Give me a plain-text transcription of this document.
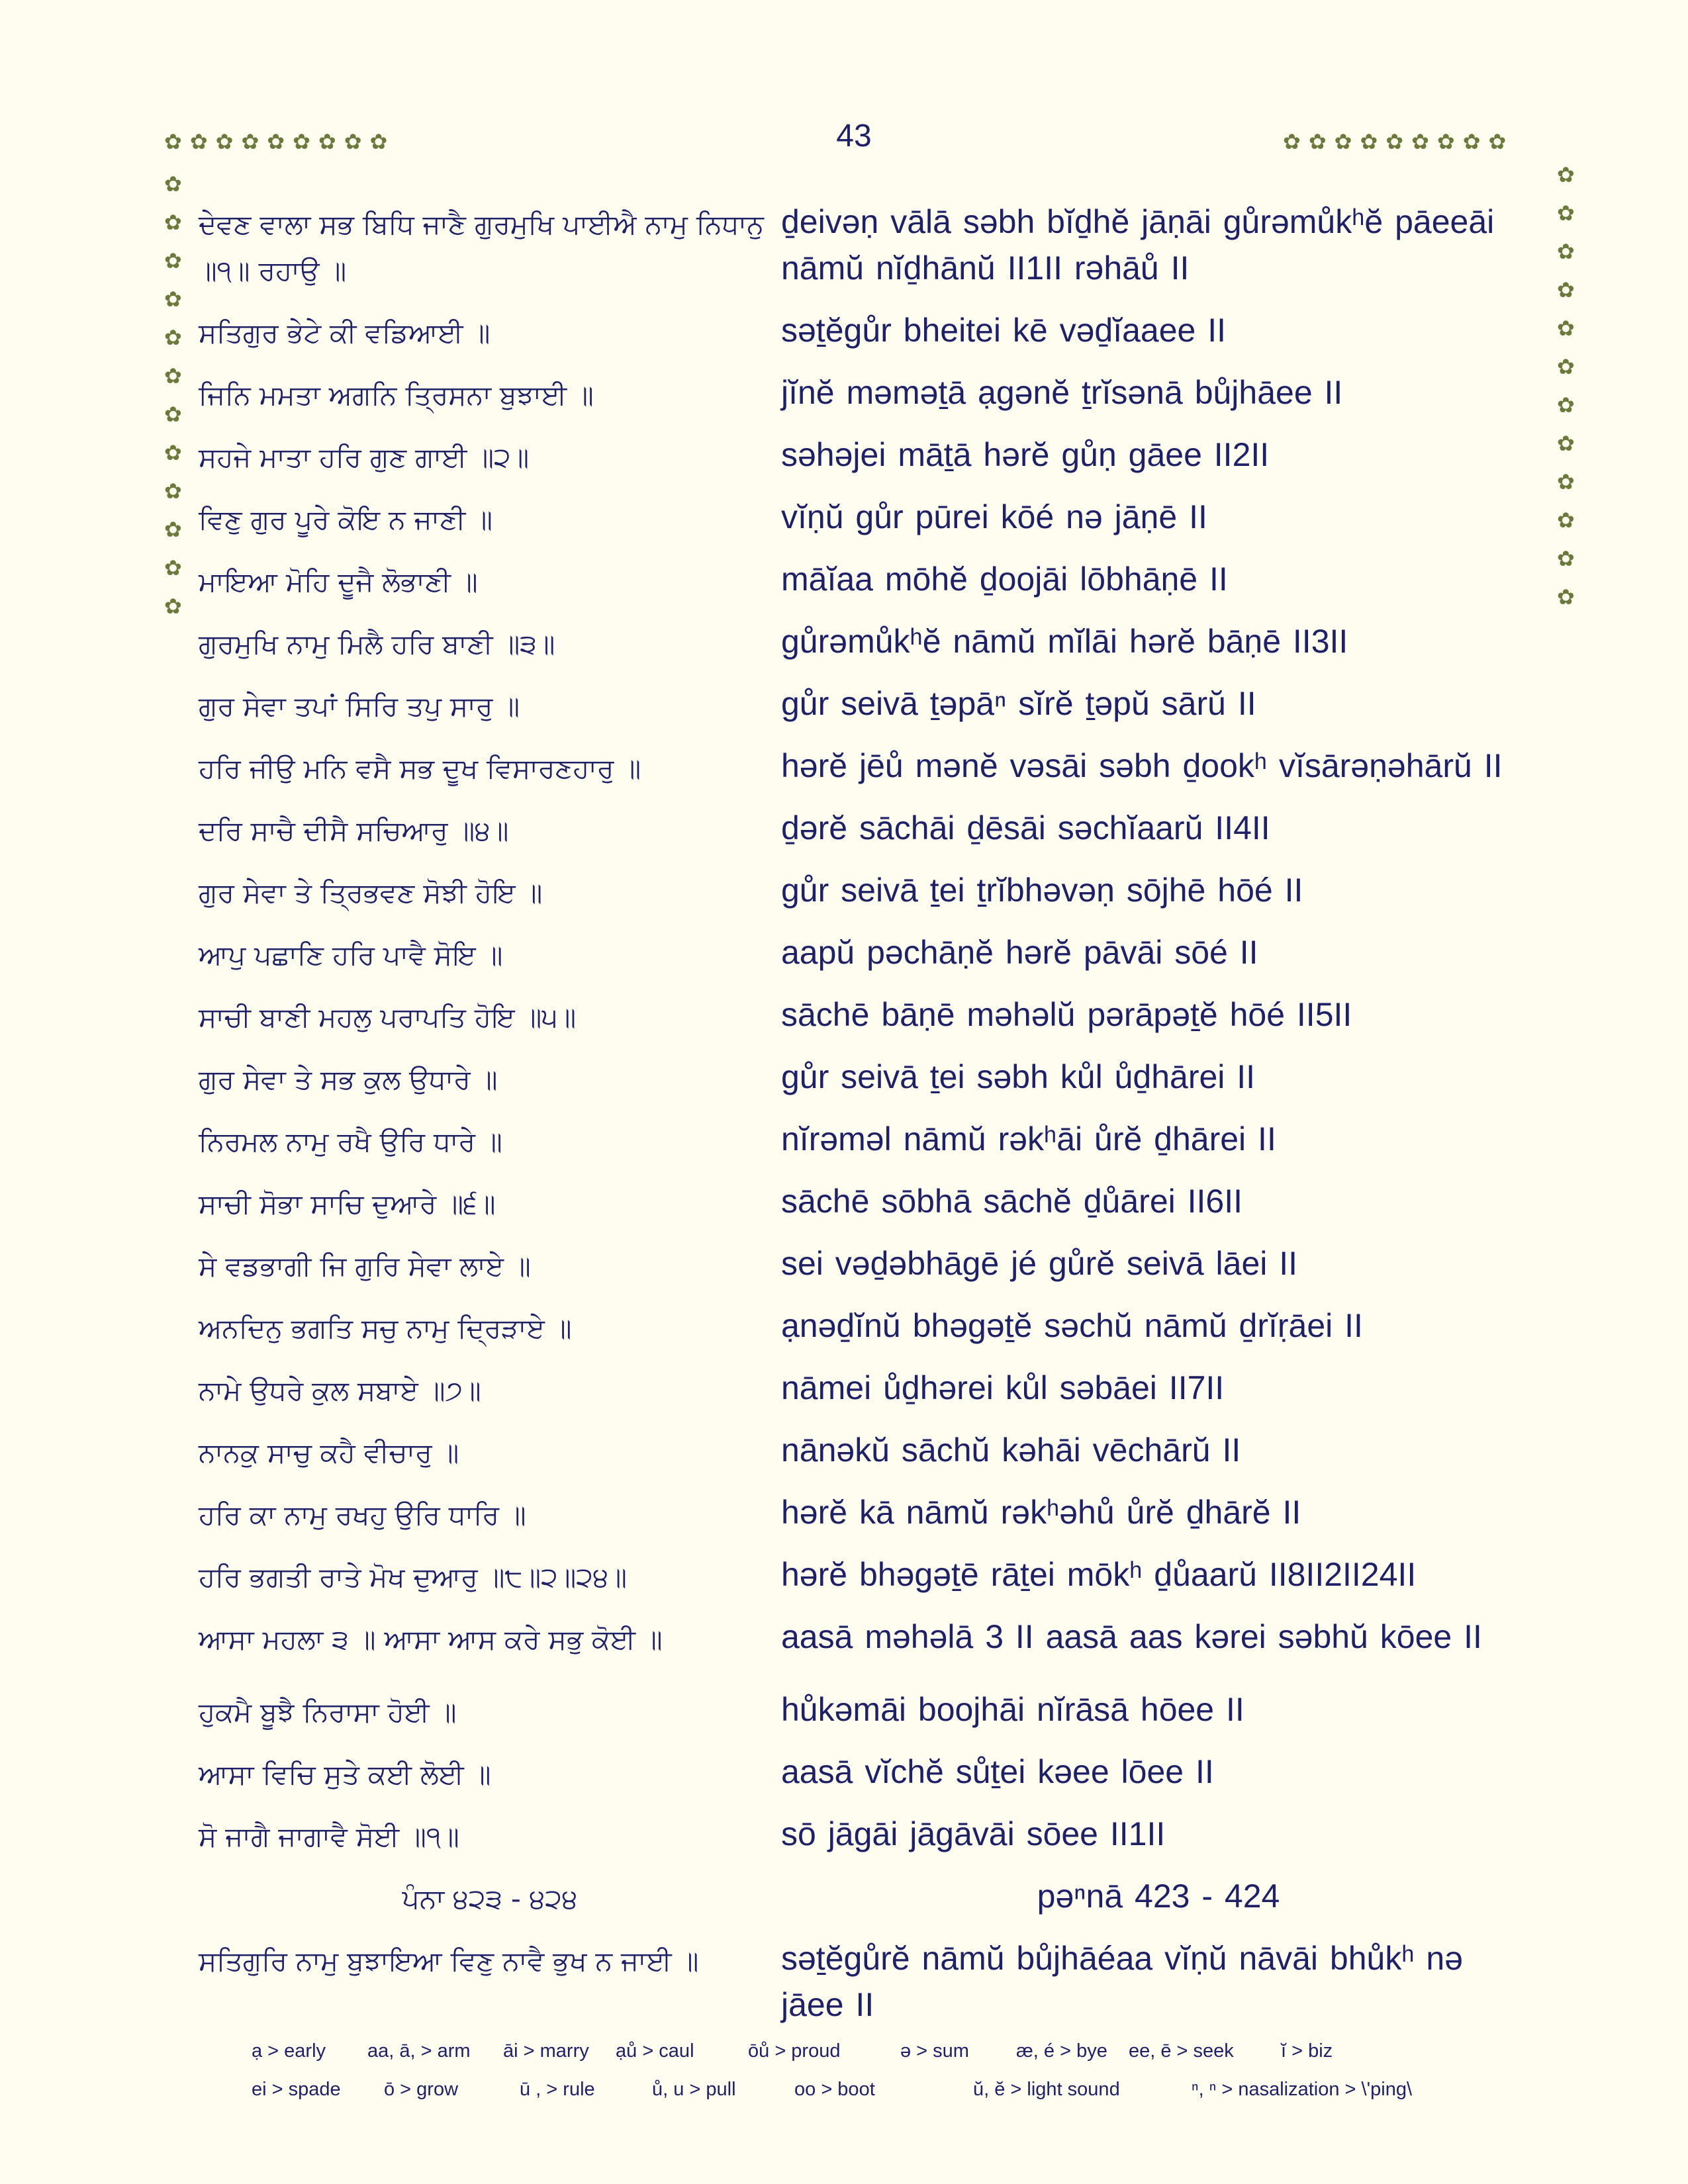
✿✿✿✿✿✿✿✿✿	✿✿✿✿✿✿✿✿✿
✿
✿
✿
✿
✿
✿
✿
✿
✿
✿
✿
✿
✿
✿
✿
✿
✿
✿
✿
✿
✿
✿
✿
✿
43
ਦੇਵਣ ਵਾਲਾ ਸਭ ਬਿਧਿ ਜਾਣੈ ਗੁਰਮੁਖਿ ਪਾਈਐ ਨਾਮੁ ਨਿਧਾਨੁ ॥੧॥ ਰਹਾਉ ॥
ḏeivəṇ vālā səbh bĭḏhĕ jāṇāi gůrəmůkʰĕ pāeeāi nāmŭ nĭḏhānŭ II1II rəhāů II
ਸਤਿਗੁਰ ਭੇਟੇ ਕੀ ਵਡਿਆਈ ॥	səṯĕgůr bheitei kē vəḏĭaaee II
ਜਿਨਿ ਮਮਤਾ ਅਗਨਿ ਤ੍ਰਿਸਨਾ ਬੁਝਾਈ ॥	jĭnĕ məməṯā ạgənĕ ṯrĭsənā bůjhāee II
ਸਹਜੇ ਮਾਤਾ ਹਰਿ ਗੁਣ ਗਾਈ ॥੨॥	səhəjei māṯā hərĕ gůṇ gāee II2II
ਵਿਣੁ ਗੁਰ ਪੂਰੇ ਕੋਇ ਨ ਜਾਣੀ ॥	vĭṇŭ gůr pūrei kōé nə jāṇē II
ਮਾਇਆ ਮੋਹਿ ਦੂਜੈ ਲੋਭਾਣੀ ॥	māĭaa mōhĕ ḏoojāi lōbhāṇē II
ਗੁਰਮੁਖਿ ਨਾਮੁ ਮਿਲੈ ਹਰਿ ਬਾਣੀ ॥੩॥	gůrəmůkʰĕ nāmŭ mĭlāi hərĕ bāṇē II3II
ਗੁਰ ਸੇਵਾ ਤਪਾਂ ਸਿਰਿ ਤਪੁ ਸਾਰੁ ॥	gůr seivā ṯəpāⁿ sĭrĕ ṯəpŭ sārŭ II
ਹਰਿ ਜੀਉ ਮਨਿ ਵਸੈ ਸਭ ਦੂਖ ਵਿਸਾਰਣਹਾਰੁ ॥	hərĕ jēů mənĕ vəsāi səbh ḏookʰ vĭsārəṇəhārŭ II
ਦਰਿ ਸਾਚੈ ਦੀਸੈ ਸਚਿਆਰੁ ॥੪॥	ḏərĕ sāchāi ḏēsāi səchĭaarŭ II4II
ਗੁਰ ਸੇਵਾ ਤੇ ਤ੍ਰਿਭਵਣ ਸੋਝੀ ਹੋਇ ॥	gůr seivā ṯei ṯrĭbhəvəṇ sōjhē hōé II
ਆਪੁ ਪਛਾਣਿ ਹਰਿ ਪਾਵੈ ਸੋਇ ॥	aapŭ pəchāṇĕ hərĕ pāvāi sōé II
ਸਾਚੀ ਬਾਣੀ ਮਹਲੁ ਪਰਾਪਤਿ ਹੋਇ ॥੫॥	sāchē bāṇē məhəlŭ pərāpəṯĕ hōé II5II
ਗੁਰ ਸੇਵਾ ਤੇ ਸਭ ਕੁਲ ਉਧਾਰੇ ॥	gůr seivā ṯei səbh kůl ůḏhārei II
ਨਿਰਮਲ ਨਾਮੁ ਰਖੈ ਉਰਿ ਧਾਰੇ ॥	nĭrəməl nāmŭ rəkʰāi ůrĕ ḏhārei II
ਸਾਚੀ ਸੋਭਾ ਸਾਚਿ ਦੁਆਰੇ ॥੬॥	sāchē sōbhā sāchĕ ḏůārei II6II
ਸੇ ਵਡਭਾਗੀ ਜਿ ਗੁਰਿ ਸੇਵਾ ਲਾਏ ॥	sei vəḏəbhāgē jé gůrĕ seivā lāei II
ਅਨਦਿਨੁ ਭਗਤਿ ਸਚੁ ਨਾਮੁ ਦ੍ਰਿੜਾਏ ॥	ạnəḏĭnŭ bhəgəṯĕ səchŭ nāmŭ ḏrĭṛāei II
ਨਾਮੇ ਉਧਰੇ ਕੁਲ ਸਬਾਏ ॥੭॥	nāmei ůḏhərei kůl səbāei II7II
ਨਾਨਕੁ ਸਾਚੁ ਕਹੈ ਵੀਚਾਰੁ ॥	nānəkŭ sāchŭ kəhāi vēchārŭ II
ਹਰਿ ਕਾ ਨਾਮੁ ਰਖਹੁ ਉਰਿ ਧਾਰਿ ॥	hərĕ kā nāmŭ rəkʰəhů ůrĕ ḏhārĕ II
ਹਰਿ ਭਗਤੀ ਰਾਤੇ ਮੋਖ ਦੁਆਰੁ ॥੮॥੨॥੨੪॥	hərĕ bhəgəṯē rāṯei mōkʰ ḏůaarŭ II8II2II24II
ਆਸਾ ਮਹਲਾ ੩ ॥ ਆਸਾ ਆਸ ਕਰੇ ਸਭੁ ਕੋਈ ॥	aasā məhəlā 3 II aasā aas kərei səbhŭ kōee II
ਹੁਕਮੈ ਬੂਝੈ ਨਿਰਾਸਾ ਹੋਈ ॥	hůkəmāi boojhāi nĭrāsā hōee II
ਆਸਾ ਵਿਚਿ ਸੁਤੇ ਕਈ ਲੋਈ ॥	aasā vĭchĕ sůṯei kəee lōee II
ਸੋ ਜਾਗੈ ਜਾਗਾਵੈ ਸੋਈ ॥੧॥	sō jāgāi jāgāvāi sōee II1II
ਪੰਨਾ ੪੨੩ - ੪੨੪	pəⁿnā 423 - 424
ਸਤਿਗੁਰਿ ਨਾਮੁ ਬੁਝਾਇਆ ਵਿਣੁ ਨਾਵੈ ਭੁਖ ਨ ਜਾਈ ॥	səṯĕgůrĕ nāmŭ bůjhāéaa vĭṇŭ nāvāi bhůkʰ nə jāee II
ạ > early	aa, ā, > arm	āi > marry	ạů > caul	ōů > proud	ə > sum	æ, é > bye	ee, ē > seek	ĭ > biz
ei > spade	ō > grow	ū , > rule	ů, u > pull	oo > boot	ŭ, ĕ > light sound	ⁿ, ⁿ > nasalization > \'ping\
